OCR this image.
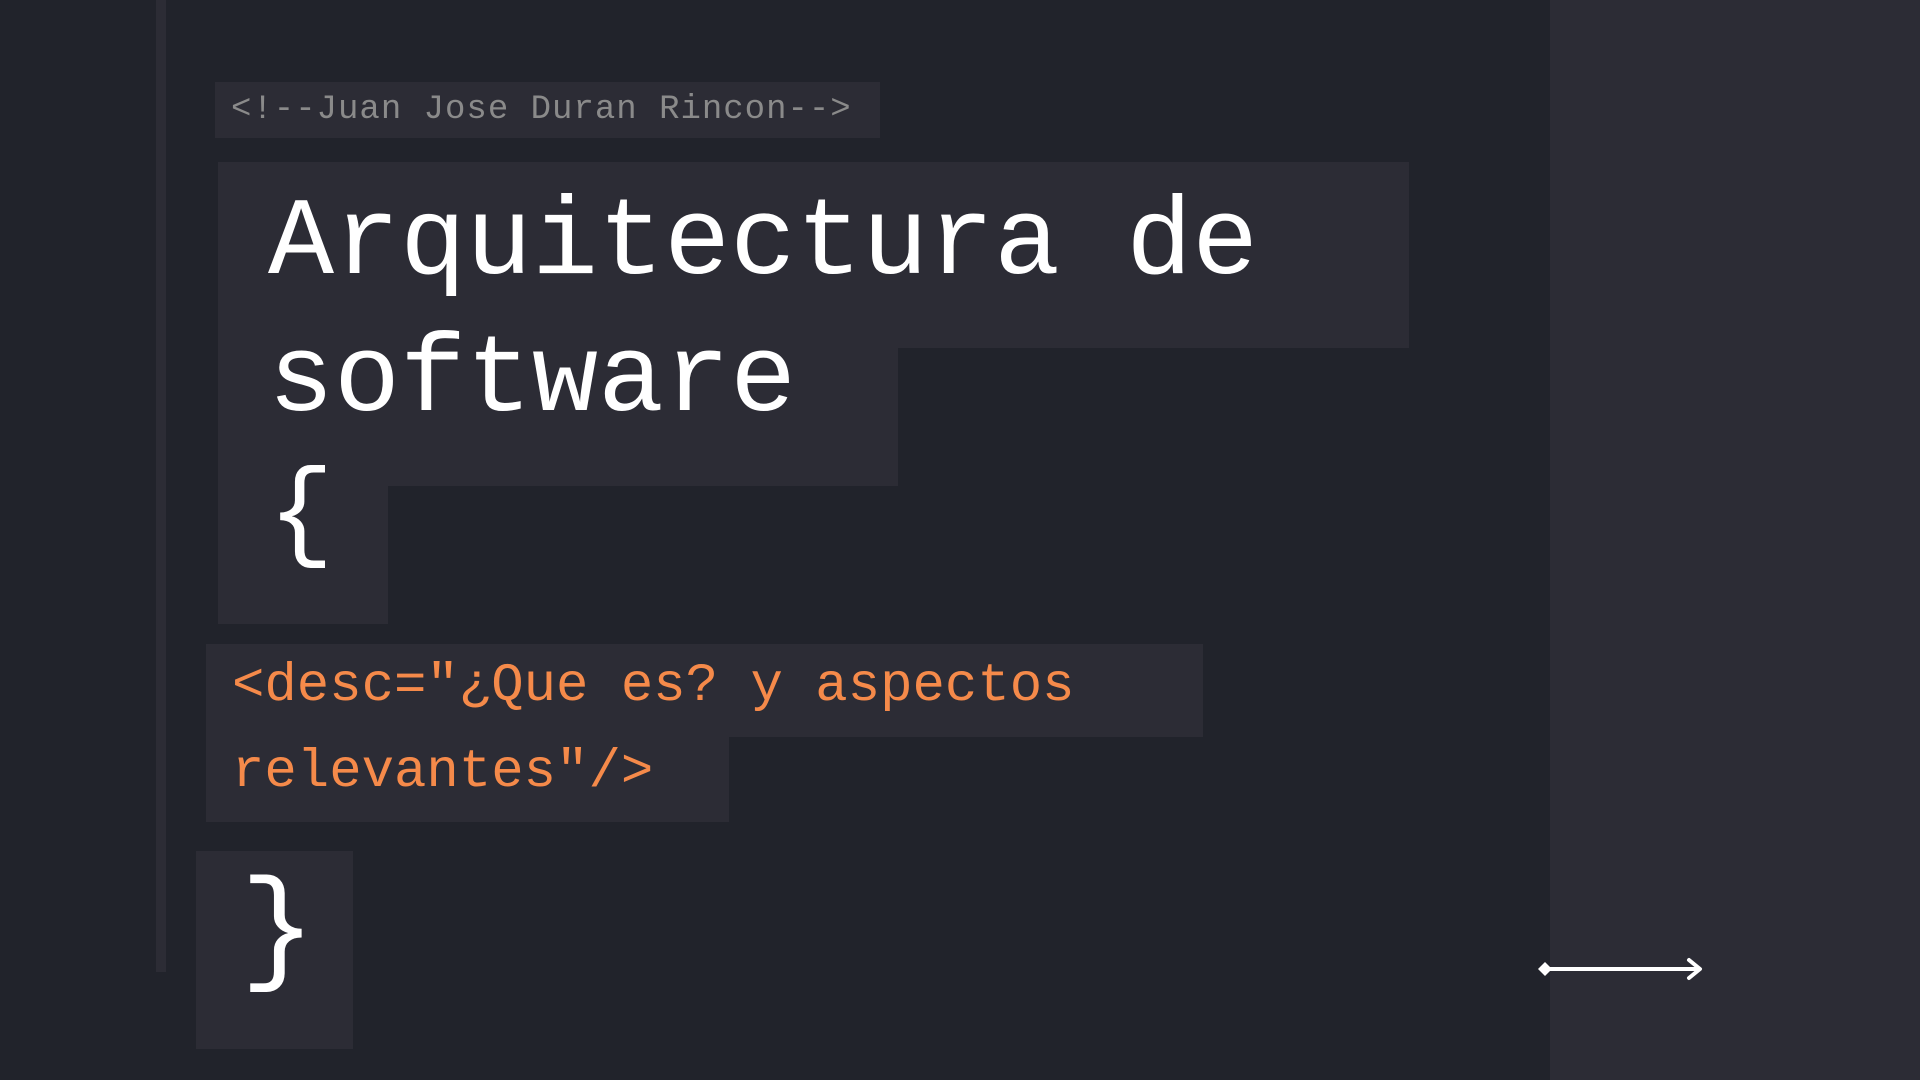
<!--Juan Jose Duran Rincon-->
Arquitectura de
software
{
<desc="¿Que es? y aspectos
relevantes"/>
}
